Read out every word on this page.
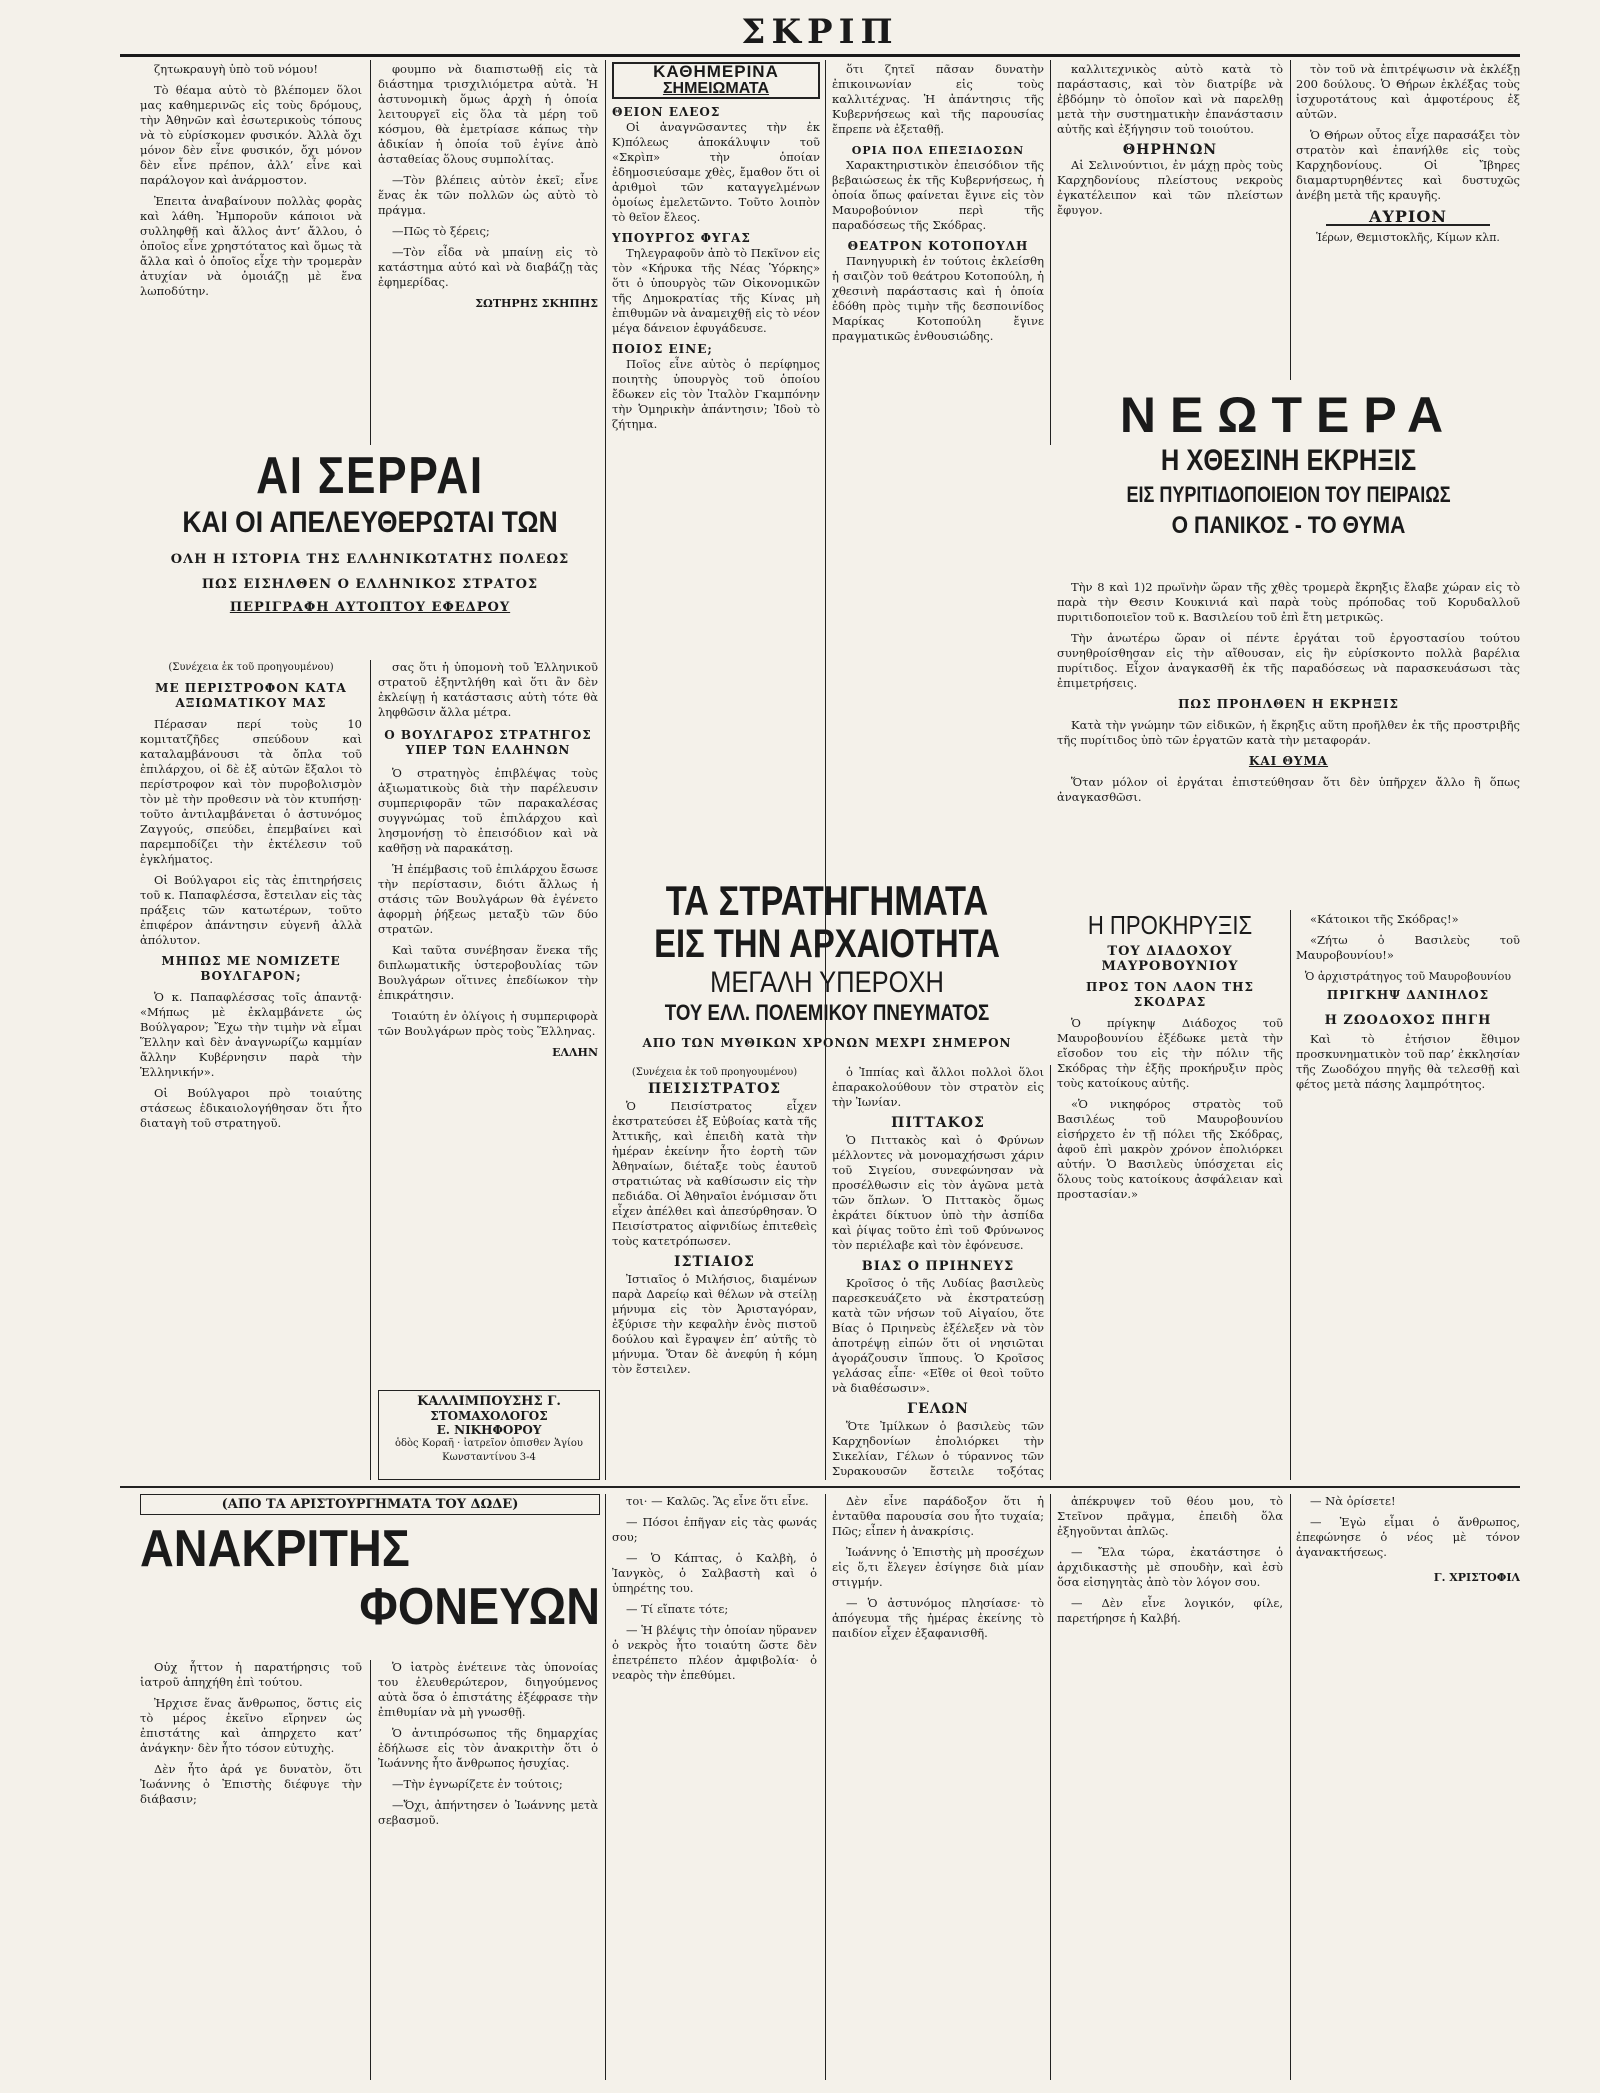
ΣΚΡΙΠ

ζητωκραυγὴ ὑπὸ τοῦ νόμου!

Τὸ θέαμα αὐτὸ τὸ βλέπομεν ὅλοι μας καθημερινῶς εἰς τοὺς δρόμους, τὴν Ἀθηνῶν καὶ ἐσωτερικοὺς τόπους νὰ τὸ εὑρίσκομεν φυσικόν. Ἀλλὰ ὄχι μόνον δὲν εἶνε φυσικόν, ὄχι μόνον δὲν εἶνε πρέπον, ἀλλ’ εἶνε καὶ παράλογον καὶ ἀνάρμοστον.

Ἐπειτα ἀναβαίνουν πολλὰς φορὰς καὶ λάθη. Ἠμποροῦν κάποιοι νὰ συλληφθῇ καὶ ἄλλος ἀντ’ ἄλλου, ὁ ὁποῖος εἶνε χρηστότατος καὶ ὅμως τὰ ἄλλα καὶ ὁ ὁποῖος εἶχε τὴν τρομερὰν ἀτυχίαν νὰ ὁμοιάζῃ μὲ ἕνα λωποδύτην.

φουμπο νὰ διαπιστωθῇ εἰς τὰ διάστημα τρισχιλιόμετρα αὐτὰ. Ἡ ἀστυνομικὴ ὅμως ἀρχὴ ἡ ὁποία λειτουργεῖ εἰς ὅλα τὰ μέρη τοῦ κόσμου, θὰ ἐμετρίασε κάπως τὴν ἀδικίαν ἡ ὁποία τοῦ ἐγίνε ἀπὸ ἀσταθείας ὅλους συμπολίτας.

—Τὸν βλέπεις αὐτὸν ἐκεῖ; εἶνε ἕνας ἐκ τῶν πολλῶν ὡς αὐτὸ τὸ πράγμα.

—Πῶς τὸ ξέρεις;

—Τὸν εἶδα νὰ μπαίνῃ εἰς τὸ κατάστημα αὐτό καὶ νὰ διαβάζῃ τὰς ἐφημερίδας.

ΣΩΤΗΡΗΣ ΣΚΗΠΗΣ
ΚΑΘΗΜΕΡΙΝΑ ΣΗΜΕΙΩΜΑΤΑ
ΘΕΙΟΝ ΕΛΕΟΣ

Οἱ ἀναγνῶσαντες τὴν ἐκ Κ)πόλεως ἀποκάλυψιν τοῦ «Σκρὶπ» τὴν ὁποίαν ἐδημοσιεύσαμε χθὲς, ἔμαθον ὅτι οἱ ἀριθμοὶ τῶν καταγγελμένων ὁμοίως ἐμελετῶντο. Τοῦτο λοιπὸν τὸ θεῖον ἔλεος.

ΥΠΟΥΡΓΟΣ ΦΥΓΑΣ

Τηλεγραφοῦν ἀπὸ τὸ Πεκῖνον εἰς τὸν «Κήρυκα τῆς Νέας Ὑόρκης» ὅτι ὁ ὑπουργὸς τῶν Οἰκονομικῶν τῆς Δημοκρατίας τῆς Κίνας μὴ ἐπιθυμῶν νὰ ἀναμειχθῇ εἰς τὸ νέον μέγα δάνειον ἐφυγάδευσε.

ΠΟΙΟΣ ΕΙΝΕ;

Ποῖος εἶνε αὐτὸς ὁ περίφημος ποιητὴς ὑπουργὸς τοῦ ὁποίου ἔδωκεν εἰς τὸν Ἰταλὸν Γκαμπόνην τὴν Ὁμηρικὴν ἀπάντησιν; Ἰδοὺ τὸ ζήτημα.

ὅτι ζητεῖ πᾶσαν δυνατὴν ἐπικοινωνίαν εἰς τοὺς καλλιτέχνας. Ἡ ἀπάντησις τῆς Κυβερνήσεως καὶ τῆς παρουσίας ἔπρεπε νὰ ἐξεταθῇ.

ΟΡΙΑ ΠΟΛ ΕΠΕΞΙΔΟΣΩΝ

Χαρακτηριστικὸν ἐπεισόδιον τῆς βεβαιώσεως ἐκ τῆς Κυβερνήσεως, ἡ ὁποία ὅπως φαίνεται ἔγινε εἰς τὸν Μαυροβούνιον περὶ τῆς παραδόσεως τῆς Σκόδρας.

ΘΕΑΤΡΟΝ ΚΟΤΟΠΟΥΛΗ

Πανηγυρικὴ ἐν τούτοις ἐκλείσθη ἡ σαιζὸν τοῦ θεάτρου Κοτοπούλη, ἡ χθεσινὴ παράστασις καὶ ἡ ὁποία ἐδόθη πρὸς τιμὴν τῆς δεσποινίδος Μαρίκας Κοτοπούλη ἔγινε πραγματικῶς ἐνθουσιώδης.

καλλιτεχνικὸς αὐτὸ κατὰ τὸ παράστασις, καὶ τὸν διατρίβε νὰ ἐβδόμην τὸ ὁποῖον καὶ νὰ παρελθῃ μετὰ τὴν συστηματικὴν ἐπανάστασιν αὐτῆς καὶ ἐξήγησιν τοῦ τοιούτου.

ΘΗΡΗΝΩΝ

Αἱ Σελινούντιοι, ἐν μάχῃ πρὸς τοὺς Καρχηδονίους πλείστους νεκροὺς ἐγκατέλειπον καὶ τῶν πλείστων ἔφυγον.

τὸν τοῦ νὰ ἐπιτρέψωσιν νὰ ἐκλέξῃ 200 δούλους. Ὁ Θήρων ἐκλέξας τοὺς ἰσχυροτάτους καὶ ἀμφοτέρους ἐξ αὐτῶν.

Ὁ Θήρων οὗτος εἶχε παρασάξει τὸν στρατὸν καὶ ἐπανήλθε εἰς τοὺς Καρχηδονίους. Οἱ Ἴβηρες διαμαρτυρηθέντες καὶ δυστυχῶς ἀνέβη μετὰ τῆς κραυγῆς.

ΑΥΡΙΟΝ
Ἱέρων, Θεμιστοκλῆς, Κίμων κλπ.
ΑΙ ΣΕΡΡΑΙ
ΚΑΙ ΟΙ ΑΠΕΛΕΥΘΕΡΩΤΑΙ ΤΩΝ
ΟΛΗ Η ΙΣΤΟΡΙΑ ΤΗΣ ΕΛΛΗΝΙΚΩΤΑΤΗΣ ΠΟΛΕΩΣ
ΠΩΣ ΕΙΣΗΛΘΕΝ Ο ΕΛΛΗΝΙΚΟΣ ΣΤΡΑΤΟΣ
ΠΕΡΙΓΡΑΦΗ ΑΥΤΟΠΤΟΥ ΕΦΕΔΡΟΥ
(Συνέχεια ἐκ τοῦ προηγουμένου)
ΜΕ ΠΕΡΙΣΤΡΟΦΟΝ ΚΑΤΑ ΑΞΙΩΜΑΤΙΚΟΥ ΜΑΣ

Πέρασαν περί τοὺς 10 κομιτατζῆδες σπεύδουν καὶ καταλαμβάνουσι τὰ ὄπλα τοῦ ἐπιλάρχου, οἱ δὲ ἐξ αὐτῶν ἔξαλοι τὸ περίστροφον καὶ τὸν πυροβολισμὸν τὸν μὲ τὴν προθεσιν νὰ τὸν κτυπήσῃ· τοῦτο ἀντιλαμβάνεται ὁ ἀστυνόμος Ζαγγούς, σπεύδει, ἐπεμβαίνει καὶ παρεμποδίζει τὴν ἐκτέλεσιν τοῦ ἐγκλήματος.

Οἱ Βούλγαροι εἰς τὰς ἐπιτηρήσεις τοῦ κ. Παπαφλέσσα, ἔστειλαν εἰς τὰς πράξεις τῶν κατωτέρων, τοῦτο ἐπιφέρον ἀπάντησιν εὐγενῆ ἀλλὰ ἀπόλυτον.

ΜΗΠΩΣ ΜΕ ΝΟΜΙΖΕΤΕ ΒΟΥΛΓΑΡΟΝ;

Ὁ κ. Παπαφλέσσας τοῖς ἀπαντᾷ· «Μήπως μὲ ἐκλαμβάνετε ὡς Βούλγαρον; Ἔχω τὴν τιμὴν νὰ εἶμαι Ἕλλην καὶ δὲν ἀναγνωρίζω καμμίαν ἄλλην Κυβέρνησιν παρὰ τὴν Ἑλληνικήν».

Οἱ Βούλγαροι πρὸ τοιαύτης στάσεως ἐδικαιολογήθησαν ὅτι ἦτο διαταγὴ τοῦ στρατηγοῦ.

σας ὅτι ἡ ὑπομονὴ τοῦ Ἑλληνικοῦ στρατοῦ ἐξηντλήθη καὶ ὅτι ἂν δὲν ἐκλείψῃ ἡ κατάστασις αὐτὴ τότε θὰ ληφθῶσιν ἄλλα μέτρα.

Ο ΒΟΥΛΓΑΡΟΣ ΣΤΡΑΤΗΓΟΣ ΥΠΕΡ ΤΩΝ ΕΛΛΗΝΩΝ

Ὁ στρατηγὸς ἐπιβλέψας τοὺς ἀξιωματικοὺς διὰ τὴν παρέλευσιν συμπεριφορᾶν τῶν παρακαλέσας συγγνώμας τοῦ ἐπιλάρχου καὶ λησμονήσῃ τὸ ἐπεισόδιον καὶ νὰ καθῆσῃ νὰ παρακάτσῃ.

Ἡ ἐπέμβασις τοῦ ἐπιλάρχου ἔσωσε τὴν περίστασιν, διότι ἄλλως ἡ στάσις τῶν Βουλγάρων θὰ ἐγένετο ἀφορμὴ ῥήξεως μεταξὺ τῶν δύο στρατῶν.

Καὶ ταῦτα συνέβησαν ἕνεκα τῆς διπλωματικῆς ὑστεροβουλίας τῶν Βουλγάρων οἵτινες ἐπεδίωκον τὴν ἐπικράτησιν.

Τοιαύτη ἐν ὀλίγοις ἡ συμπεριφορὰ τῶν Βουλγάρων πρὸς τοὺς Ἕλληνας.

ΕΛΛΗΝ
ΚΑΛΛΙΜΠΟΥΣΗΣ Γ.
ΣΤΟΜΑΧΟΛΟΓΟΣ
Ε. ΝΙΚΗΦΟΡΟΥ
ὁδὸς Κοραῆ · ἰατρεῖον ὁπισθεν Ἁγίου Κωνσταντίνου 3-4
ΤΑ ΣΤΡΑΤΗΓΗΜΑΤΑ
ΕΙΣ ΤΗΝ ΑΡΧΑΙΟΤΗΤΑ
ΜΕΓΑΛΗ ΥΠΕΡΟΧΗ
ΤΟΥ ΕΛΛ. ΠΟΛΕΜΙΚΟΥ ΠΝΕΥΜΑΤΟΣ
ΑΠΟ ΤΩΝ ΜΥΘΙΚΩΝ ΧΡΟΝΩΝ ΜΕΧΡΙ ΣΗΜΕΡΟΝ
(Συνέχεια ἐκ τοῦ προηγουμένου)
ΠΕΙΣΙΣΤΡΑΤΟΣ

Ὁ Πεισίστρατος εἶχεν ἐκστρατεύσει ἐξ Εὐβοίας κατὰ τῆς Ἀττικῆς, καὶ ἐπειδὴ κατὰ τὴν ἡμέραν ἐκείνην ἦτο ἑορτὴ τῶν Ἀθηναίων, διέταξε τοὺς ἑαυτοῦ στρατιώτας νὰ καθίσωσιν εἰς τὴν πεδιάδα. Οἱ Ἀθηναῖοι ἐνόμισαν ὅτι εἶχεν ἀπέλθει καὶ ἀπεσύρθησαν. Ὁ Πεισίστρατος αἰφνιδίως ἐπιτεθεὶς τοὺς κατετρόπωσεν.

ΙΣΤΙΑΙΟΣ

Ἰστιαῖος ὁ Μιλήσιος, διαμένων παρὰ Δαρείῳ καὶ θέλων νὰ στείλῃ μήνυμα εἰς τὸν Ἀρισταγόραν, ἐξύρισε τὴν κεφαλὴν ἑνὸς πιστοῦ δούλου καὶ ἔγραψεν ἐπ’ αὐτῆς τὸ μήνυμα. Ὅταν δὲ ἀνεφύη ἡ κόμη τὸν ἔστειλεν.

ὁ Ἰππίας καὶ ἄλλοι πολλοὶ ὅλοι ἐπαρακολούθουν τὸν στρατὸν εἰς τὴν Ἰωνίαν.

ΠΙΤΤΑΚΟΣ

Ὁ Πιττακὸς καὶ ὁ Φρύνων μέλλοντες νὰ μονομαχήσωσι χάριν τοῦ Σιγείου, συνεφώνησαν νὰ προσέλθωσιν εἰς τὸν ἀγῶνα μετὰ τῶν ὅπλων. Ὁ Πιττακὸς ὅμως ἐκράτει δίκτυον ὑπὸ τὴν ἀσπίδα καὶ ῥίψας τοῦτο ἐπὶ τοῦ Φρύνωνος τὸν περιέλαβε καὶ τὸν ἐφόνευσε.

ΒΙΑΣ Ο ΠΡΙΗΝΕΥΣ

Κροῖσος ὁ τῆς Λυδίας βασιλεὺς παρεσκευάζετο νὰ ἐκστρατεύσῃ κατὰ τῶν νήσων τοῦ Αἰγαίου, ὅτε Βίας ὁ Πριηνεὺς ἐξέλεξεν νὰ τὸν ἀποτρέψῃ εἰπών ὅτι οἱ νησιῶται ἀγοράζουσιν ἵππους. Ὁ Κροῖσος γελάσας εἶπε· «Εἴθε οἱ θεοὶ τοῦτο νὰ διαθέσωσιν».

ΓΕΛΩΝ

Ὅτε Ἰμίλκων ὁ βασιλεὺς τῶν Καρχηδονίων ἐπολιόρκει τὴν Σικελίαν, Γέλων ὁ τύραννος τῶν Συρακουσῶν ἔστειλε τοξότας

ΝΕΩΤΕΡΑ
Η ΧΘΕΣΙΝΗ ΕΚΡΗΞΙΣ
ΕΙΣ ΠΥΡΙΤΙΔΟΠΟΙΕΙΟΝ ΤΟΥ ΠΕΙΡΑΙΩΣ
Ο ΠΑΝΙΚΟΣ - ΤΟ ΘΥΜΑ

Τὴν 8 καὶ 1)2 πρωϊνὴν ὥραν τῆς χθὲς τρομερὰ ἔκρηξις ἔλαβε χώραν εἰς τὸ παρὰ τὴν Θεσιν Κουκινιά καὶ παρὰ τοὺς πρόποδας τοῦ Κορυδαλλοῦ πυριτιδοποιεῖον τοῦ κ. Βασιλείου τοῦ ἐπὶ ἔτη μετρικῶς.

Τὴν ἀνωτέρω ὥραν οἱ πέντε ἐργάται τοῦ ἐργοστασίου τούτου συνηθροίσθησαν εἰς τὴν αἴθουσαν, εἰς ἣν εὑρίσκοντο πολλὰ βαρέλια πυρίτιδος. Εἶχον ἀναγκασθῆ ἐκ τῆς παραδόσεως νὰ παρασκευάσωσι τὰς ἐπιμετρήσεις.

ΠΩΣ ΠΡΟΗΛΘΕΝ Η ΕΚΡΗΞΙΣ

Κατὰ τὴν γνώμην τῶν εἰδικῶν, ἡ ἔκρηξις αὕτη προῆλθεν ἐκ τῆς προστριβῆς τῆς πυρίτιδος ὑπὸ τῶν ἐργατῶν κατὰ τὴν μεταφοράν.

ΚΑΙ ΘΥΜΑ

Ὅταν μόλον οἱ ἐργάται ἐπιστεύθησαν ὅτι δὲν ὑπῆρχεν ἄλλο ἢ ὅπως ἀναγκασθῶσι.

Η ΠΡΟΚΗΡΥΞΙΣ
ΤΟΥ ΔΙΑΔΟΧΟΥ ΜΑΥΡΟΒΟΥΝΙΟΥ
ΠΡΟΣ ΤΟΝ ΛΑΟΝ ΤΗΣ ΣΚΟΔΡΑΣ

Ὁ πρίγκηψ Διάδοχος τοῦ Μαυροβουνίου ἐξέδωκε μετὰ τὴν εἴσοδον του εἰς τὴν πόλιν τῆς Σκόδρας τὴν ἑξῆς προκήρυξιν πρὸς τοὺς κατοίκους αὐτῆς.

«Ὁ νικηφόρος στρατὸς τοῦ Βασιλέως τοῦ Μαυροβουνίου εἰσήρχετο ἐν τῇ πόλει τῆς Σκόδρας, ἀφοῦ ἐπὶ μακρὸν χρόνον ἐπολιόρκει αὐτήν. Ὁ Βασιλεὺς ὑπόσχεται εἰς ὅλους τοὺς κατοίκους ἀσφάλειαν καὶ προστασίαν.»

«Κάτοικοι τῆς Σκόδρας!»

«Ζήτω ὁ Βασιλεὺς τοῦ Μαυροβουνίου!»

Ὁ ἀρχιστράτηγος τοῦ Μαυροβουνίου
ΠΡΙΓΚΗΨ ΔΑΝΙΗΛΟΣ
Η ΖΩΟΔΟΧΟΣ ΠΗΓΗ

Καὶ τὸ ἐτήσιον ἔθιμον προσκυνηματικὸν τοῦ παρ’ ἐκκλησίαν τῆς Ζωοδόχου πηγῆς θὰ τελεσθῇ καὶ φέτος μετὰ πάσης λαμπρότητος.

(ΑΠΟ ΤΑ ΑΡΙΣΤΟΥΡΓΗΜΑΤΑ ΤΟΥ ΔΩΔΕ)
ΑΝΑΚΡΙΤΗΣ
ΦΟΝΕΥΩΝ

Οὐχ ἧττον ἡ παρατήρησις τοῦ ἰατροῦ ἀπηχήθη ἐπὶ τούτου.

Ἠρχισε ἕνας ἄνθρωπος, ὅστις εἰς τὸ μέρος ἐκεῖνο εἴρηνεν ὡς ἐπιστάτης καὶ ἀπηρχετο κατ’ ἀνάγκην· δὲν ἦτο τόσον εὐτυχὴς.

Δὲν ἦτο ἀρά γε δυνατὸν, ὅτι Ἰωάννης ὁ Ἐπιστὴς διέφυγε τὴν διάβασιν;

Ὁ ἰατρὸς ἐνέτεινε τὰς ὑπονοίας του ἐλευθερώτερον, διηγούμενος αὐτὰ ὅσα ὁ ἐπιστάτης ἐξέφρασε τὴν ἐπιθυμίαν νὰ μὴ γνωσθῇ.

Ὁ ἀντιπρόσωπος τῆς δημαρχίας ἐδήλωσε εἰς τὸν ἀνακριτὴν ὅτι ὁ Ἰωάννης ἦτο ἄνθρωπος ἡσυχίας.

—Τὴν ἐγνωρίζετε ἐν τούτοις;

—Ὄχι, ἀπήντησεν ὁ Ἰωάννης μετὰ σεβασμοῦ.

τοι· — Καλῶς. Ἂς εἶνε ὅτι εἶνε.

— Πόσοι ἐπῆγαν εἰς τὰς φωνάς σου;

— Ὁ Κάπτας, ὁ Καλβὴ, ὁ Ἰανγκὸς, ὁ Σαλβαστὴ καὶ ὁ ὑπηρέτης του.

— Τί εἴπατε τότε;

— Ἡ βλέψις τὴν ὁποίαν ηὕρανεν ὁ νεκρὸς ἦτο τοιαύτη ὥστε δὲν ἐπετρέπετο πλέον ἀμφιβολία· ὁ νεαρὸς τὴν ἐπεθύμει.

Δὲν εἶνε παράδοξον ὅτι ἡ ἐνταῦθα παρουσία σου ἦτο τυχαία; Πῶς; εἶπεν ἡ ἀνακρίσις.

Ἰωάννης ὁ Ἐπιστὴς μὴ προσέχων εἰς ὅ,τι ἔλεγεν ἐσίγησε διὰ μίαν στιγμήν.

— Ὁ ἀστυνόμος πλησίασε· τὸ ἀπόγευμα τῆς ἡμέρας ἐκείνης τὸ παιδίον εἶχεν ἐξαφανισθῆ.

ἀπέκρυψεν τοῦ θέου μου, τὸ Στεῖνον πρᾶγμα, ἐπειδὴ ὅλα ἐξηγοῦνται ἀπλῶς.

— Ἔλα τώρα, ἐκατάστησε ὁ ἀρχιδικαστὴς μὲ σπουδὴν, καὶ ἐσὺ ὅσα εἰσηγητὰς ἀπὸ τὸν λόγον σου.

— Δὲν εἶνε λογικόν, φίλε, παρετήρησε ἡ Καλβή.

— Νὰ ὁρίσετε!

— Ἐγὼ εἶμαι ὁ ἄνθρωπος, ἐπεφώνησε ὁ νέος μὲ τόνον ἀγανακτήσεως.

Γ. ΧΡΙΣΤΟΦΙΛ
